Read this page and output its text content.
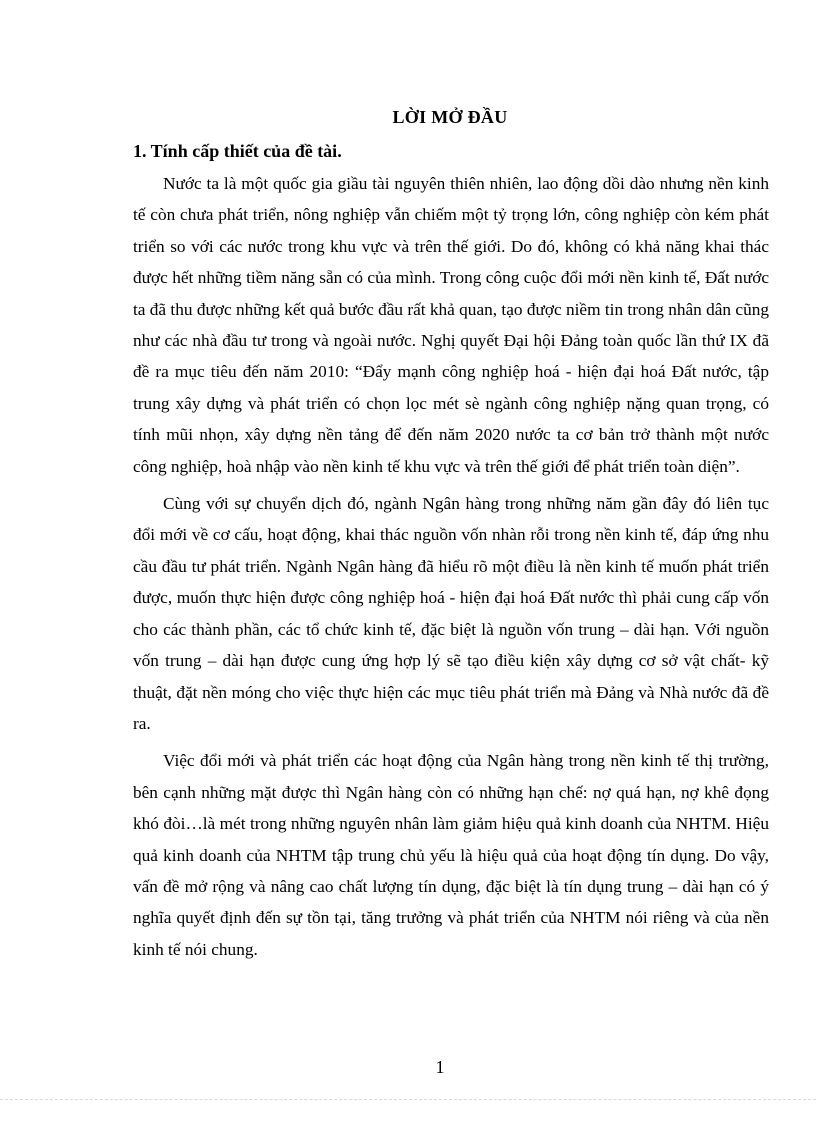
LỜI MỞ ĐẦU
1. Tính cấp thiết của đề tài.

Nước ta là một quốc gia giầu tài nguyên thiên nhiên, lao động dồi dào nhưng nền kinh tế còn chưa phát triển, nông nghiệp vẫn chiếm một tỷ trọng lớn, công nghiệp còn kém phát triển so với các nước trong khu vực và trên thế giới. Do đó, không có khả năng khai thác được hết những tiềm năng sẵn có của mình. Trong công cuộc đổi mới nền kinh tế, Đất nước ta đã thu được những kết quả bước đầu rất khả quan, tạo được niềm tin trong nhân dân cũng như các nhà đầu tư trong và ngoài nước. Nghị quyết Đại hội Đảng toàn quốc lần thứ IX đã đề ra mục tiêu đến năm 2010: “Đẩy mạnh công nghiệp hoá - hiện đại hoá Đất nước, tập trung xây dựng và phát triển có chọn lọc mét sè ngành công nghiệp nặng quan trọng, có tính mũi nhọn, xây dựng nền tảng để đến năm 2020 nước ta cơ bản trở thành một nước công nghiệp, hoà nhập vào nền kinh tế khu vực và trên thế giới để phát triển toàn diện”.

Cùng với sự chuyển dịch đó, ngành Ngân hàng trong những năm gần đây đó liên tục đổi mới về cơ cấu, hoạt động, khai thác nguồn vốn nhàn rỗi trong nền kinh tế, đáp ứng nhu cầu đầu tư phát triển. Ngành Ngân hàng đã hiểu rõ một điều là nền kinh tế muốn phát triển được, muốn thực hiện được công nghiệp hoá - hiện đại hoá Đất nước thì phải cung cấp vốn cho các thành phần, các tổ chức kinh tế, đặc biệt là nguồn vốn trung – dài hạn. Với nguồn vốn trung – dài hạn được cung ứng hợp lý sẽ tạo điều kiện xây dựng cơ sở vật chất- kỹ thuật, đặt nền móng cho việc thực hiện các mục tiêu phát triển mà Đảng và Nhà nước đã đề ra.

Việc đổi mới và phát triển các hoạt động của Ngân hàng trong nền kinh tế thị trường, bên cạnh những mặt được thì Ngân hàng còn có những hạn chế: nợ quá hạn, nợ khê đọng khó đòi…là mét trong những nguyên nhân làm giảm hiệu quả kinh doanh của NHTM. Hiệu quả kinh doanh của NHTM tập trung chủ yếu là hiệu quả của hoạt động tín dụng. Do vậy, vấn đề mở rộng và nâng cao chất lượng tín dụng, đặc biệt là tín dụng trung – dài hạn có ý nghĩa quyết định đến sự tồn tại, tăng trưởng và phát triển của NHTM nói riêng và của nền kinh tế nói chung.

1
